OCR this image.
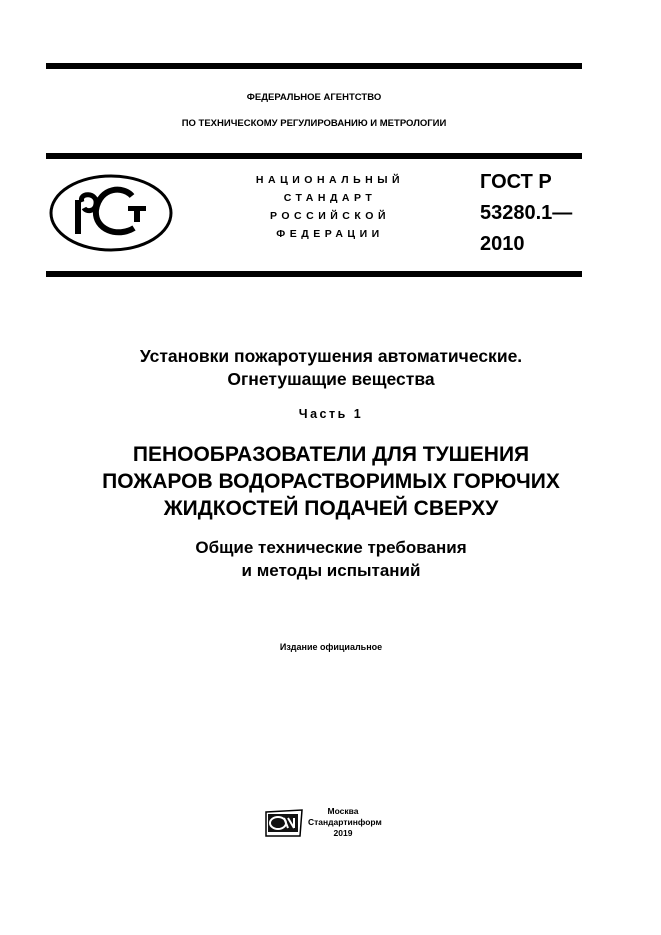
ФЕДЕРАЛЬНОЕ АГЕНТСТВО
ПО ТЕХНИЧЕСКОМУ РЕГУЛИРОВАНИЮ И МЕТРОЛОГИИ
НАЦИОНАЛЬНЫЙ
СТАНДАРТ
РОССИЙСКОЙ
ФЕДЕРАЦИИ
ГОСТ Р
53280.1—
2010
Установки пожаротушения автоматические.
Огнетушащие вещества
Часть 1
ПЕНООБРАЗОВАТЕЛИ ДЛЯ ТУШЕНИЯ
ПОЖАРОВ ВОДОРАСТВОРИМЫХ ГОРЮЧИХ
ЖИДКОСТЕЙ ПОДАЧЕЙ СВЕРХУ
Общие технические требования
и методы испытаний
Издание официальное
Москва
Стандартинформ
2019
